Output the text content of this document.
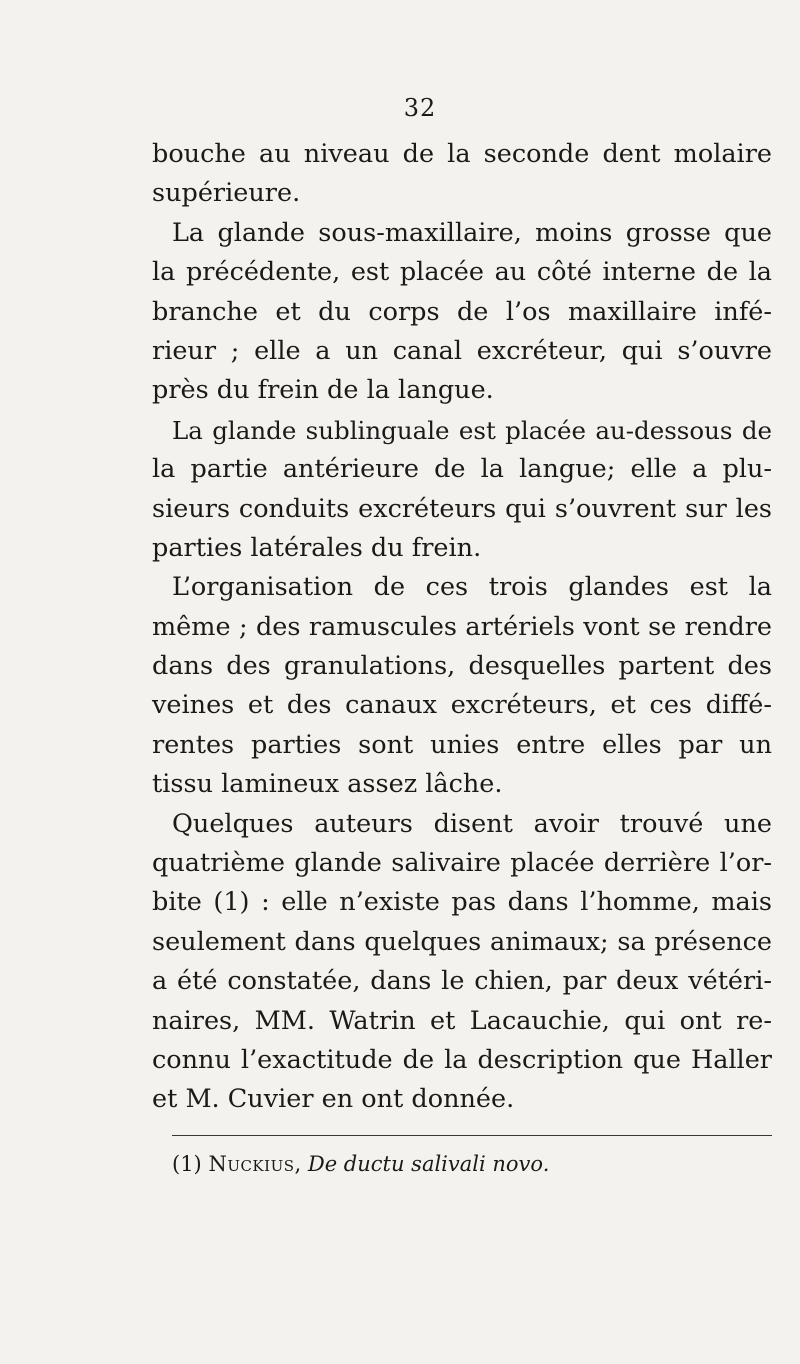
32
bouche au niveau de la seconde dent molaire
supérieure.
La glande sous-maxillaire, moins grosse que
la précédente, est placée au côté interne de la
branche et du corps de l’os maxillaire infé-
rieur ; elle a un canal excréteur, qui s’ouvre
près du frein de la langue.
La glande sublinguale est placée au-dessous de
la partie antérieure de la langue; elle a plu-
sieurs conduits excréteurs qui s’ouvrent sur les
parties latérales du frein.
L’organisation de ces trois glandes est la
même ; des ramuscules artériels vont se rendre
dans des granulations, desquelles partent des
veines et des canaux excréteurs, et ces diffé-
rentes parties sont unies entre elles par un
tissu lamineux assez lâche.
Quelques auteurs disent avoir trouvé une
quatrième glande salivaire placée derrière l’or-
bite (1) : elle n’existe pas dans l’homme, mais
seulement dans quelques animaux; sa présence
a été constatée, dans le chien, par deux vétéri-
naires, MM. Watrin et Lacauchie, qui ont re-
connu l’exactitude de la description que Haller
et M. Cuvier en ont donnée.
(1) Nuckius, De ductu salivali novo.
